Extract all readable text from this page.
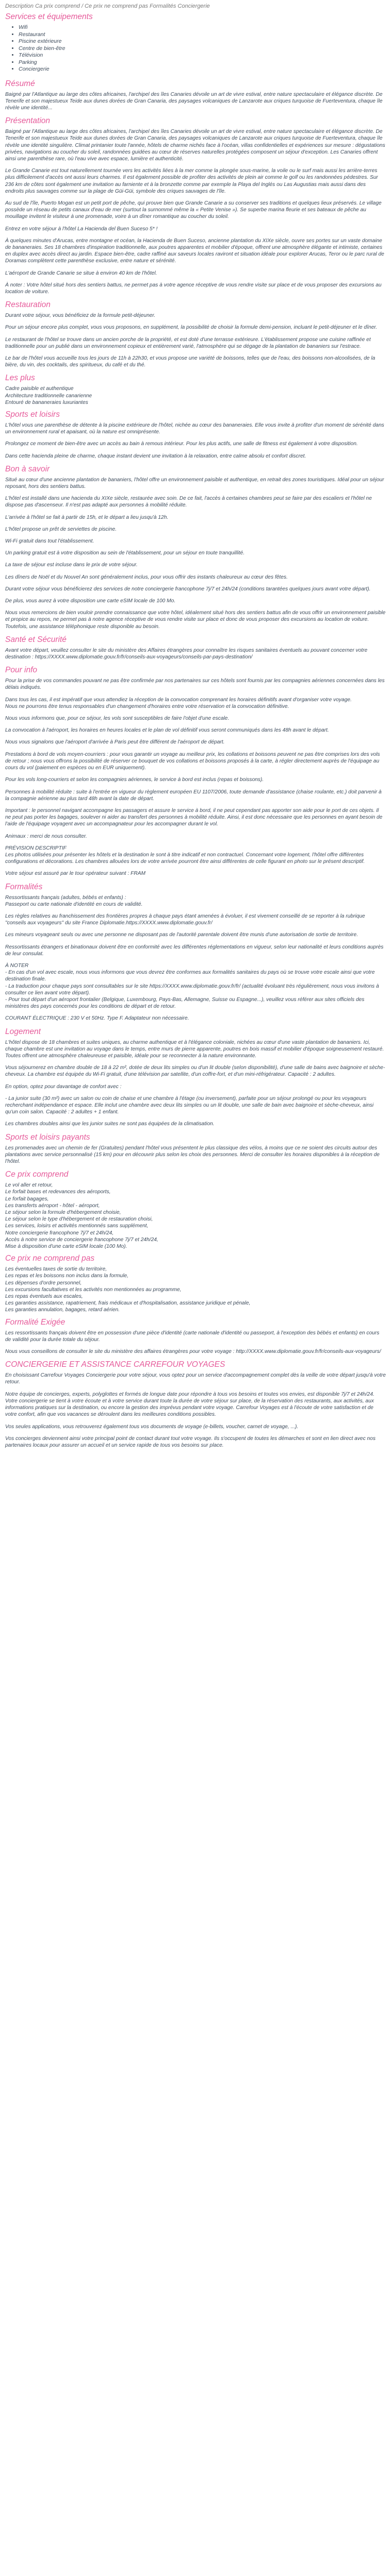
Description Ca prix comprend / Ce prix ne comprend pas Formalités Conciergerie
Services et équipements
• Wifi
• Restaurant
• Piscine extérieure
• Centre de bien-être
• Télévision
• Parking
• Conciergerie
Résumé

Baigné par l'Atlantique au large des côtes africaines, l'archipel des îles Canaries dévoile un art de vivre estival, entre nature spectaculaire et élégance discrète. De Tenerife et son majestueux Teide aux dunes dorées de Gran Canaria, des paysages volcaniques de Lanzarote aux criques turquoise de Fuerteventura, chaque île révèle une identité...

Présentation

Baigné par l'Atlantique au large des côtes africaines, l'archipel des îles Canaries dévoile un art de vivre estival, entre nature spectaculaire et élégance discrète. De Tenerife et son majestueux Teide aux dunes dorées de Gran Canaria, des paysages volcaniques de Lanzarote aux criques turquoise de Fuerteventura, chaque île révèle une identité singulière. Climat printanier toute l'année, hôtels de charme nichés face à l'océan, villas confidentielles et expériences sur mesure : dégustations privées, navigations au coucher du soleil, randonnées guidées au cœur de réserves naturelles protégées composent un séjour d'exception. Les Canaries offrent ainsi une parenthèse rare, où l'eau vive avec espace, lumière et authenticité.

Le Grande Canarie est tout naturellement tournée vers les activités liées à la mer comme la plongée sous-marine, la voile ou le surf mais aussi les arrière-terres plus difficilement d'accès ont aussi leurs charmes. Il est également possible de profiter des activités de plein air comme le golf ou les randonnées pédestres. Sur 236 km de côtes sont également une invitation au farniente et à la bronzette comme par exemple la Playa del Inglés ou Las Augustias mais aussi dans des endroits plus sauvages comme sur la plage de Güi-Güi, symbole des criques sauvages de l'île.

Au sud de l'île, Puerto Mogan est un petit port de pêche, qui prouve bien que Grande Canarie a su conserver ses traditions et quelques lieux préservés. Le village possède un réseau de petits canaux d'eau de mer (surtout la surnommé même la « Petite Venise »). Se superbe marina fleurie et ses bateaux de pêche au mouillage invitent le visiteur à une promenade, voire à un dîner romantique au coucher du soleil.

Entrez en votre séjour à l'hôtel La Hacienda del Buen Suceso 5* !

À quelques minutes d'Arucas, entre montagne et océan, la Hacienda de Buen Suceso, ancienne plantation du XIXe siècle, ouvre ses portes sur un vaste domaine de bananeraies. Ses 18 chambres d'inspiration traditionnelle, aux poutres apparentes et mobilier d'époque, offrent une atmosphère élégante et intimiste, certaines en duplex avec accès direct au jardin. Espace bien-être, cadre raffiné aux saveurs locales raviront et situation idéale pour explorer Arucas, Teror ou le parc rural de Doramas complètent cette parenthèse exclusive, entre nature et sérénité.

L'aéroport de Grande Canarie se situe à environ 40 km de l'hôtel.

À noter : Votre hôtel situé hors des sentiers battus, ne permet pas à votre agence réceptive de vous rendre visite sur place et de vous proposer des excursions au location de voiture.

Restauration

Durant votre séjour, vous bénéficiez de la formule petit-déjeuner.

Pour un séjour encore plus complet, vous vous proposons, en supplément, la possibilité de choisir la formule demi-pension, incluant le petit-déjeuner et le dîner.

Le restaurant de l'hôtel se trouve dans un ancien porche de la propriété, et est doté d'une terrasse extérieure. L'établissement propose une cuisine raffinée et traditionnelle pour un publié dans un environnement copieux et entièrement varié, l'atmosphère qui se dégage de la plantation de bananiers sur l'estrace.

Le bar de l'hôtel vous accueille tous les jours de 11h à 22h30, et vous propose une variété de boissons, telles que de l'eau, des boissons non-alcoolisées, de la bière, du vin, des cocktails, des spiritueux, du café et du thé.

Les plus

Cadre paisible et authentique

Architecture traditionnelle canarienne

Entouré de bananeraies luxuriantes

Sports et loisirs

L'hôtel vous une parenthèse de détente à la piscine extérieure de l'hôtel, nichée au cœur des bananeraies. Elle vous invite à profiter d'un moment de sérénité dans un environnement rural et apaisant, où la nature est omniprésente.

Prolongez ce moment de bien-être avec un accès au bain à remous intérieur. Pour les plus actifs, une salle de fitness est également à votre disposition.

Dans cette hacienda pleine de charme, chaque instant devient une invitation à la relaxation, entre calme absolu et confort discret.

Bon à savoir

Situé au cœur d'une ancienne plantation de bananiers, l'hôtel offre un environnement paisible et authentique, en retrait des zones touristiques. Idéal pour un séjour reposant, hors des sentiers battus.

L'hôtel est installé dans une hacienda du XIXe siècle, restaurée avec soin. De ce fait, l'accès à certaines chambres peut se faire par des escaliers et l'hôtel ne dispose pas d'ascenseur. Il n'est pas adapté aux personnes à mobilité réduite.

L'arrivée à l'hôtel se fait à partir de 15h, et le départ a lieu jusqu'à 12h.

L'hôtel propose un prêt de serviettes de piscine.

Wi-Fi gratuit dans tout l'établissement.

Un parking gratuit est à votre disposition au sein de l'établissement, pour un séjour en toute tranquillité.

La taxe de séjour est incluse dans le prix de votre séjour.

Les dîners de Noël et du Nouvel An sont généralement inclus, pour vous offrir des instants chaleureux au cœur des fêtes.

Durant votre séjour vous bénéficierez des services de notre conciergerie francophone 7j/7 et 24h/24 (conditions tarantées quelques jours avant votre départ).

De plus, vous aurez à votre disposition une carte eSIM locale de 100 Mo.

Nous vous remercions de bien vouloir prendre connaissance que votre hôtel, idéalement situé hors des sentiers battus afin de vous offrir un environnement paisible et propice au repos, ne permet pas à notre agence réceptive de vous rendre visite sur place et donc de vous proposer des excursions au location de voiture. Toutefois, une assistance téléphonique reste disponible au besoin.

Santé et Sécurité

Avant votre départ, veuillez consulter le site du ministère des Affaires étrangères pour connaître les risques sanitaires éventuels au pouvant concerner votre destination : https://XXXX.www.diplomatie.gouv.fr/fr/conseils-aux-voyageurs/conseils-par-pays-destination/

Pour info

Pour la prise de vos commandes pouvant ne pas être confirmée par nos partenaires sur ces hôtels sont fournis par les compagnies aériennes concernées dans les délais indiqués.

Dans tous les cas, il est impératif que vous attendiez la réception de la convocation comprenant les horaires définitifs avant d'organiser votre voyage.

Nous ne pourrons être tenus responsables d'un changement d'horaires entre votre réservation et la convocation définitive.

Nous vous informons que, pour ce séjour, les vols sont susceptibles de faire l'objet d'une escale.

La convocation à l'aéroport, les horaires en heures locales et le plan de vol définitif vous seront communiqués dans les 48h avant le départ.

Nous vous signalons que l'aéroport d'arrivée à Paris peut être différent de l'aéroport de départ.

Prestations à bord de vols moyen-courriers : pour vous garantir un voyage au meilleur prix, les collations et boissons peuvent ne pas être comprises lors des vols de retour ; nous vous offrons la possibilité de réserver ce bouquet de vos collations et boissons proposés à la carte, à régler directement auprès de l'équipage au cours du vol (paiement en espèces ou en EUR uniquement).

Pour les vols long-courriers et selon les compagnies aériennes, le service à bord est inclus (repas et boissons).

Personnes à mobilité réduite : suite à l'entrée en vigueur du règlement européen EU 1107/2006, toute demande d'assistance (chaise roulante, etc.) doit parvenir à la compagnie aérienne au plus tard 48h avant la date de départ.

Important : le personnel navigant accompagne les passagers et assure le service à bord, il ne peut cependant pas apporter son aide pour le port de ces objets. Il ne peut pas porter les bagages, soulever ni aider au transfert des personnes à mobilité réduite. Ainsi, il est donc nécessaire que les personnes en ayant besoin de l'aide de l'équipage voyagent avec un accompagnateur pour les accompagner durant le vol.

Animaux : merci de nous consulter.

PRÉVISION DESCRIPTIF

Les photos utilisées pour présenter les hôtels et la destination le sont à titre indicatif et non contractuel. Concernant votre logement, l'hôtel offre différentes configurations et décorations. Les chambres allouées lors de votre arrivée pourront être ainsi différentes de celle figurant en photo sur le présent descriptif.

Votre séjour est assuré par le tour opérateur suivant : FRAM

Formalités

Ressortissants français (adultes, bébés et enfants) :

Passeport ou carte nationale d'identité en cours de validité.

Les règles relatives au franchissement des frontières propres à chaque pays étant amenées à évoluer, il est vivement conseillé de se reporter à la rubrique "conseils aux voyageurs" du site France Diplomatie.https://XXXX.www.diplomatie.gouv.fr/

Les mineurs voyageant seuls ou avec une personne ne disposant pas de l'autorité parentale doivent être munis d'une autorisation de sortie de territoire.

Ressortissants étrangers et binationaux doivent être en conformité avec les différentes réglementations en vigueur, selon leur nationalité et leurs conditions auprès de leur consulat.

À NOTER

- En cas d'un vol avec escale, nous vous informons que vous devrez être conformes aux formalités sanitaires du pays où se trouve votre escale ainsi que votre destination finale.

- La traduction pour chaque pays sont consultables sur le site https://XXXX.www.diplomatie.gouv.fr/fr/ (actualité évoluant très régulièrement, nous vous invitons à consulter ce lien avant votre départ).

- Pour tout départ d'un aéroport frontalier (Belgique, Luxembourg, Pays-Bas, Allemagne, Suisse ou Espagne...), veuillez vous référer aux sites officiels des ministères des pays concernés pour les conditions de départ et de retour.

COURANT ÉLECTRIQUE : 230 V et 50Hz. Type F. Adaptateur non nécessaire.

Logement

L'hôtel dispose de 18 chambres et suites uniques, au charme authentique et à l'élégance coloniale, nichées au cœur d'une vaste plantation de bananiers. Ici, chaque chambre est une invitation au voyage dans le temps, entre murs de pierre apparente, poutres en bois massif et mobilier d'époque soigneusement restauré. Toutes offrent une atmosphère chaleureuse et paisible, idéale pour se reconnecter à la nature environnante.

Vous séjournerez en chambre double de 18 à 22 m², dotée de deux lits simples ou d'un lit double (selon disponibilité), d'une salle de bains avec baignoire et sèche-cheveux. La chambre est équipée du Wi-Fi gratuit, d'une télévision par satellite, d'un coffre-fort, et d'un mini-réfrigérateur. Capacité : 2 adultes.

En option, optez pour davantage de confort avec :

- La junior suite (30 m²) avec un salon ou coin de chaise et une chambre à l'étage (ou inversement), parfaite pour un séjour prolongé ou pour les voyageurs recherchant indépendance et espace. Elle inclut une chambre avec deux lits simples ou un lit double, une salle de bain avec baignoire et sèche-cheveux, ainsi qu'un coin salon. Capacité : 2 adultes + 1 enfant.

Les chambres doubles ainsi que les junior suites ne sont pas équipées de la climatisation.

Sports et loisirs payants

Les promenades avec un chemin de fer (Gratuites) pendant l'hôtel vous présentent le plus classique des vélos, à moins que ce ne soient des circuits autour des plantations avec service personnalisé (15 km) pour en découvrir plus selon les choix des personnes. Merci de consulter les horaires disponibles à la réception de l'hôtel.

Ce prix comprend

Le vol aller et retour,

Le forfait bases et redevances des aéroports,

Le forfait bagages,

Les transferts aéroport - hôtel - aéroport,

Le séjour selon la formule d'hébergement choisie,

Le séjour selon le type d'hébergement et de restauration choisi,

Les services, loisirs et activités mentionnés sans supplément,

Notre conciergerie francophone 7j/7 et 24h/24,

Accès à notre service de conciergerie francophone 7j/7 et 24h/24,

Mise à disposition d'une carte eSIM locale (100 Mo).

Ce prix ne comprend pas

Les éventuelles taxes de sortie du territoire,

Les repas et les boissons non inclus dans la formule,

Les dépenses d'ordre personnel,

Les excursions facultatives et les activités non mentionnées au programme,

Les repas éventuels aux escales,

Les garanties assistance, rapatriement, frais médicaux et d'hospitalisation, assistance juridique et pénale,

Les garanties annulation, bagages, retard aérien.

Formalité Exigée

Les ressortissants français doivent être en possession d'une pièce d'identité (carte nationale d'identité ou passeport, à l'exception des bébés et enfants) en cours de validité pour la durée totale du séjour.

Nous vous conseillons de consulter le site du ministère des affaires étrangères pour votre voyage : http://XXXX.www.diplomatie.gouv.fr/fr/conseils-aux-voyageurs/

CONCIERGERIE ET ASSISTANCE CARREFOUR VOYAGES

En choisissant Carrefour Voyages Conciergerie pour votre séjour, vous optez pour un service d'accompagnement complet dès la veille de votre départ jusqu'à votre retour.

Notre équipe de concierges, experts, polyglottes et formés de longue date pour répondre à tous vos besoins et toutes vos envies, est disponible 7j/7 et 24h/24. Votre conciergerie se tient à votre écoute et à votre service durant toute la durée de votre séjour sur place, de la réservation des restaurants, aux activités, aux informations pratiques sur la destination, ou encore la gestion des imprévus pendant votre voyage. Carrefour Voyages est à l'écoute de votre satisfaction et de votre confort, afin que vos vacances se déroulent dans les meilleures conditions possibles.

Vos seules applications, vous retrouverez également tous vos documents de voyage (e-billets, voucher, carnet de voyage, ...).

Vos concierges deviennent ainsi votre principal point de contact durant tout votre voyage. Ils s'occupent de toutes les démarches et sont en lien direct avec nos partenaires locaux pour assurer un accueil et un service rapide de tous vos besoins sur place.
